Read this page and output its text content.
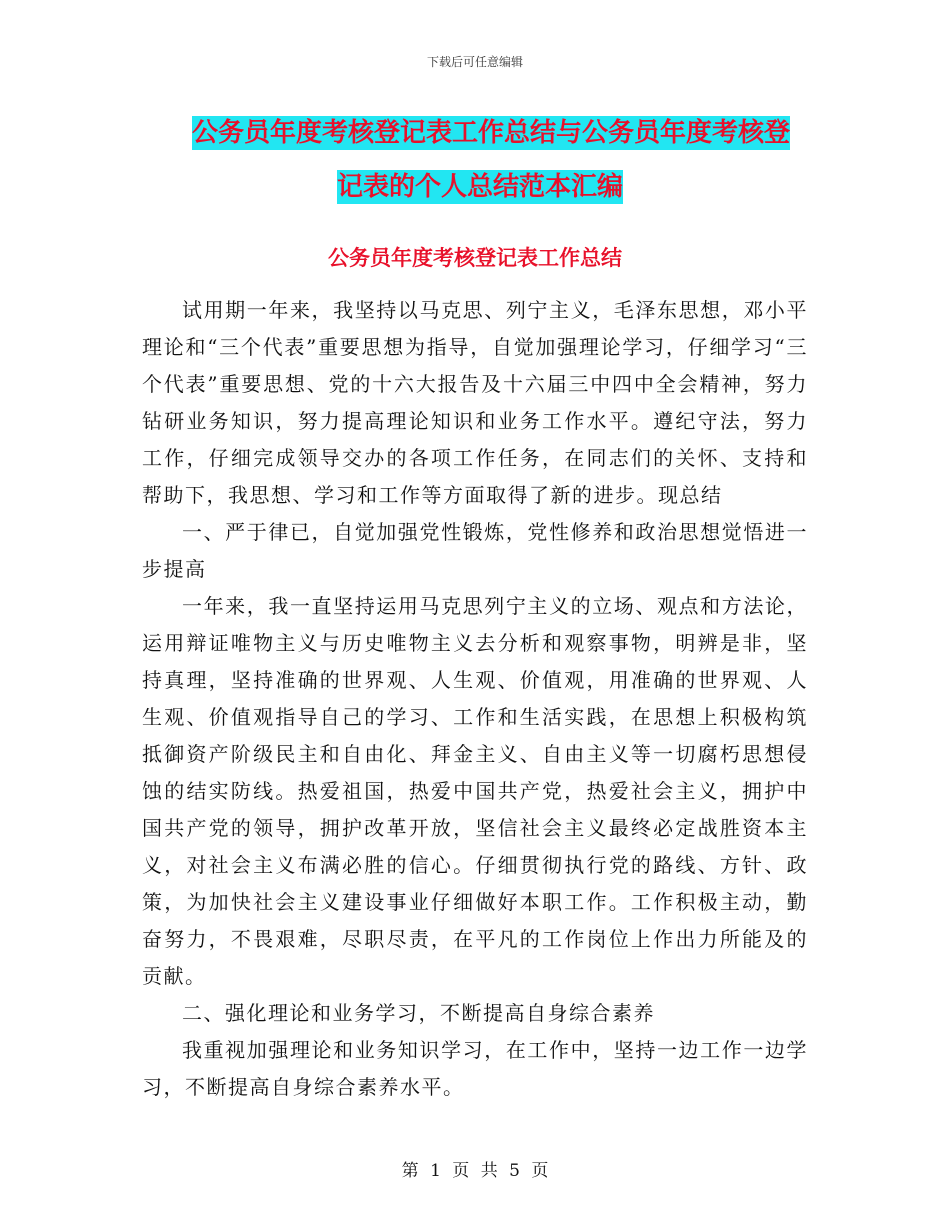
下载后可任意编辑
公务员年度考核登记表工作总结与公务员年度考核登
记表的个人总结范本汇编
公务员年度考核登记表工作总结

试用期一年来，我坚持以马克思、列宁主义，毛泽东思想，邓小平理论和“三个代表”重要思想为指导，自觉加强理论学习，仔细学习“三个代表”重要思想、党的十六大报告及十六届三中四中全会精神，努力钻研业务知识，努力提高理论知识和业务工作水平。遵纪守法，努力工作，仔细完成领导交办的各项工作任务，在同志们的关怀、支持和帮助下，我思想、学习和工作等方面取得了新的进步。现总结

一、严于律已，自觉加强党性锻炼，党性修养和政治思想觉悟进一步提高

一年来，我一直坚持运用马克思列宁主义的立场、观点和方法论，运用辩证唯物主义与历史唯物主义去分析和观察事物，明辨是非，坚持真理，坚持准确的世界观、人生观、价值观，用准确的世界观、人生观、价值观指导自己的学习、工作和生活实践，在思想上积极构筑抵御资产阶级民主和自由化、拜金主义、自由主义等一切腐朽思想侵蚀的结实防线。热爱祖国，热爱中国共产党，热爱社会主义，拥护中国共产党的领导，拥护改革开放，坚信社会主义最终必定战胜资本主义，对社会主义布满必胜的信心。仔细贯彻执行党的路线、方针、政策，为加快社会主义建设事业仔细做好本职工作。工作积极主动，勤奋努力，不畏艰难，尽职尽责，在平凡的工作岗位上作出力所能及的贡献。

二、强化理论和业务学习，不断提高自身综合素养

我重视加强理论和业务知识学习，在工作中，坚持一边工作一边学习，不断提高自身综合素养水平。

第 1 页 共 5 页
